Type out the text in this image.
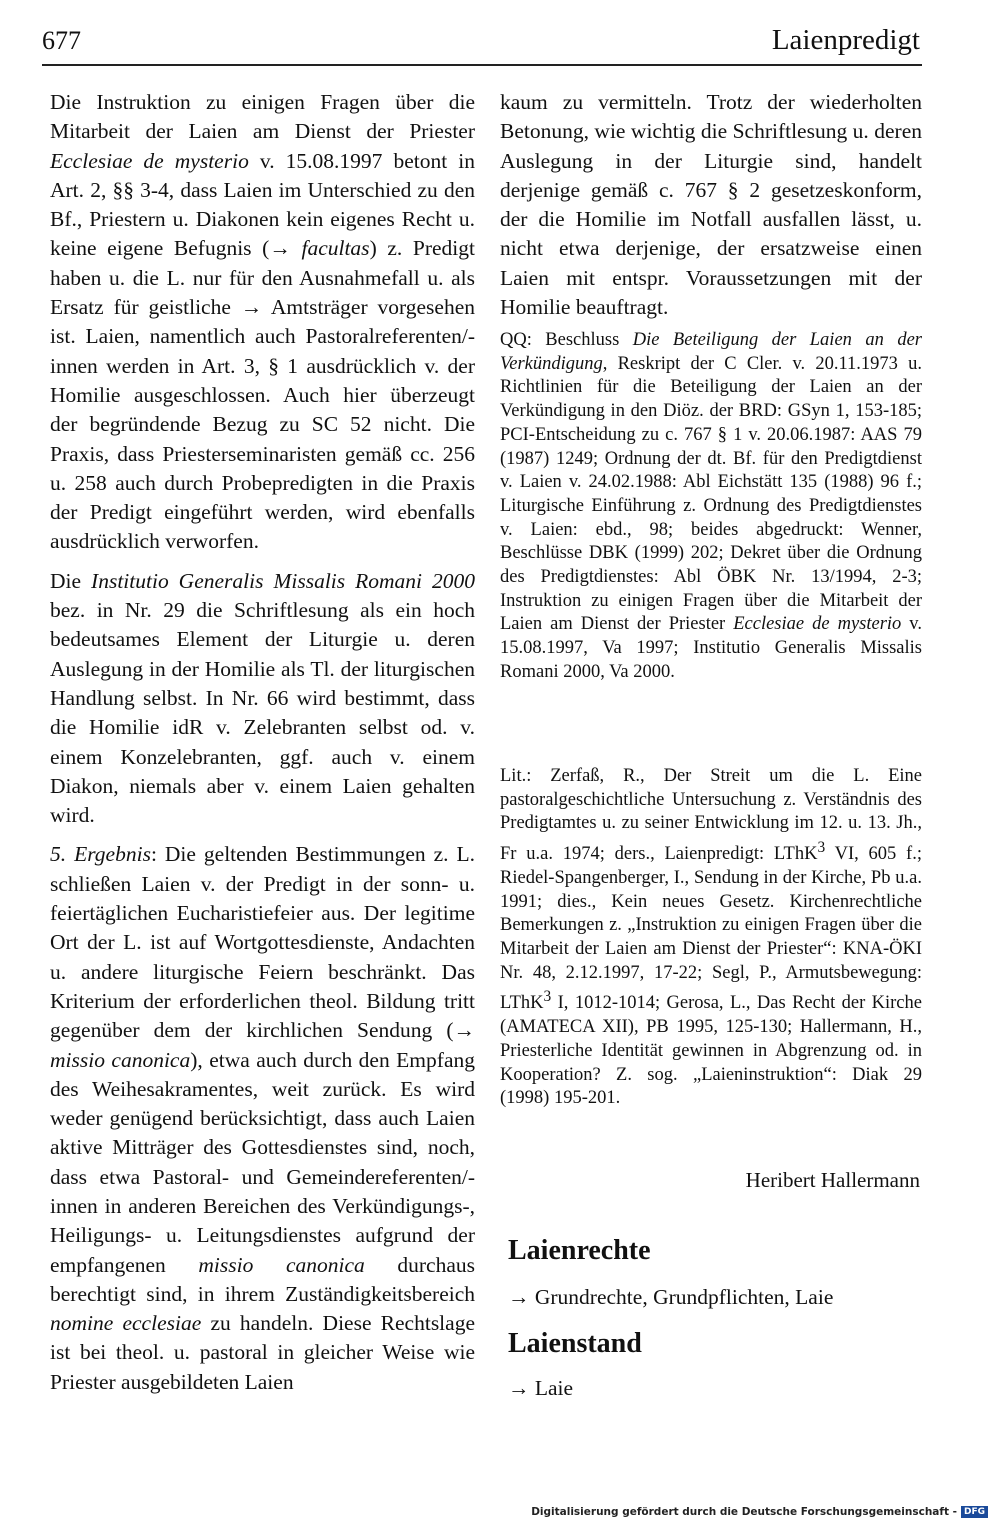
677	Laienpredigt

Die Instruktion zu einigen Fragen über die Mitarbeit der Laien am Dienst der Priester Ecclesiae de mysterio v. 15.08.1997 betont in Art. 2, §§ 3-4, dass Laien im Unterschied zu den Bf., Priestern u. Diakonen kein eigenes Recht u. keine eigene Befugnis (→ facultas) z. Predigt haben u. die L. nur für den Ausnahmefall u. als Ersatz für geistliche → Amtsträger vorgesehen ist. Laien, namentlich auch Pastoralreferenten/-innen werden in Art. 3, § 1 ausdrücklich v. der Homilie ausgeschlossen. Auch hier überzeugt der begründende Bezug zu SC 52 nicht. Die Praxis, dass Priesterseminaristen gemäß cc. 256 u. 258 auch durch Probepredigten in die Praxis der Predigt eingeführt werden, wird ebenfalls ausdrücklich verworfen.

Die Institutio Generalis Missalis Romani 2000 bez. in Nr. 29 die Schriftlesung als ein hoch bedeutsames Element der Liturgie u. deren Auslegung in der Homilie als Tl. der liturgischen Handlung selbst. In Nr. 66 wird bestimmt, dass die Homilie idR v. Zelebranten selbst od. v. einem Konzelebranten, ggf. auch v. einem Diakon, niemals aber v. einem Laien gehalten wird.

5. Ergebnis: Die geltenden Bestimmungen z. L. schließen Laien v. der Predigt in der sonn- u. feiertäglichen Eucharistiefeier aus. Der legitime Ort der L. ist auf Wortgottesdienste, Andachten u. andere liturgische Feiern beschränkt. Das Kriterium der erforderlichen theol. Bildung tritt gegenüber dem der kirchlichen Sendung (→ missio canonica), etwa auch durch den Empfang des Weihesakramentes, weit zurück. Es wird weder genügend berücksichtigt, dass auch Laien aktive Mitträger des Gottesdienstes sind, noch, dass etwa Pastoral- und Gemeindereferenten/-innen in anderen Bereichen des Verkündigungs-, Heiligungs- u. Leitungsdienstes aufgrund der empfangenen missio canonica durchaus berechtigt sind, in ihrem Zuständigkeitsbereich nomine ecclesiae zu handeln. Diese Rechtslage ist bei theol. u. pastoral in gleicher Weise wie Priester ausgebildeten Laien

kaum zu vermitteln. Trotz der wiederholten Betonung, wie wichtig die Schriftlesung u. deren Auslegung in der Liturgie sind, handelt derjenige gemäß c. 767 § 2 gesetzeskonform, der die Homilie im Notfall ausfallen lässt, u. nicht etwa derjenige, der ersatzweise einen Laien mit entspr. Voraussetzungen mit der Homilie beauftragt.

QQ: Beschluss Die Beteiligung der Laien an der Verkündigung, Reskript der C Cler. v. 20.11.1973 u. Richtlinien für die Beteiligung der Laien an der Verkündigung in den Diöz. der BRD: GSyn 1, 153-185; PCI-Entscheidung zu c. 767 § 1 v. 20.06.1987: AAS 79 (1987) 1249; Ordnung der dt. Bf. für den Predigtdienst v. Laien v. 24.02.1988: Abl Eichstätt 135 (1988) 96 f.; Liturgische Einführung z. Ordnung des Predigtdienstes v. Laien: ebd., 98; beides abgedruckt: Wenner, Beschlüsse DBK (1999) 202; Dekret über die Ordnung des Predigtdienstes: Abl ÖBK Nr. 13/1994, 2-3; Instruktion zu einigen Fragen über die Mitarbeit der Laien am Dienst der Priester Ecclesiae de mysterio v. 15.08.1997, Va 1997; Institutio Generalis Missalis Romani 2000, Va 2000.

Lit.: Zerfaß, R., Der Streit um die L. Eine pastoralgeschichtliche Untersuchung z. Verständnis des Predigtamtes u. zu seiner Entwicklung im 12. u. 13. Jh., Fr u.a. 1974; ders., Laienpredigt: LThK$^3$ VI, 605 f.; Riedel-Spangenberger, I., Sendung in der Kirche, Pb u.a. 1991; dies., Kein neues Gesetz. Kirchenrechtliche Bemerkungen z. „Instruktion zu einigen Fragen über die Mitarbeit der Laien am Dienst der Priester“: KNA-ÖKI Nr. 48, 2.12.1997, 17-22; Segl, P., Armutsbewegung: LThK$^3$ I, 1012-1014; Gerosa, L., Das Recht der Kirche (AMATECA XII), PB 1995, 125-130; Hallermann, H., Priesterliche Identität gewinnen in Abgrenzung od. in Kooperation? Z. sog. „Laieninstruktion“: Diak 29 (1998) 195-201.

Heribert Hallermann
Laienrechte
→ Grundrechte, Grundpflichten, Laie
Laienstand
→ Laie
Digitalisierung gefördert durch die Deutsche Forschungsgemeinschaft - DFG
